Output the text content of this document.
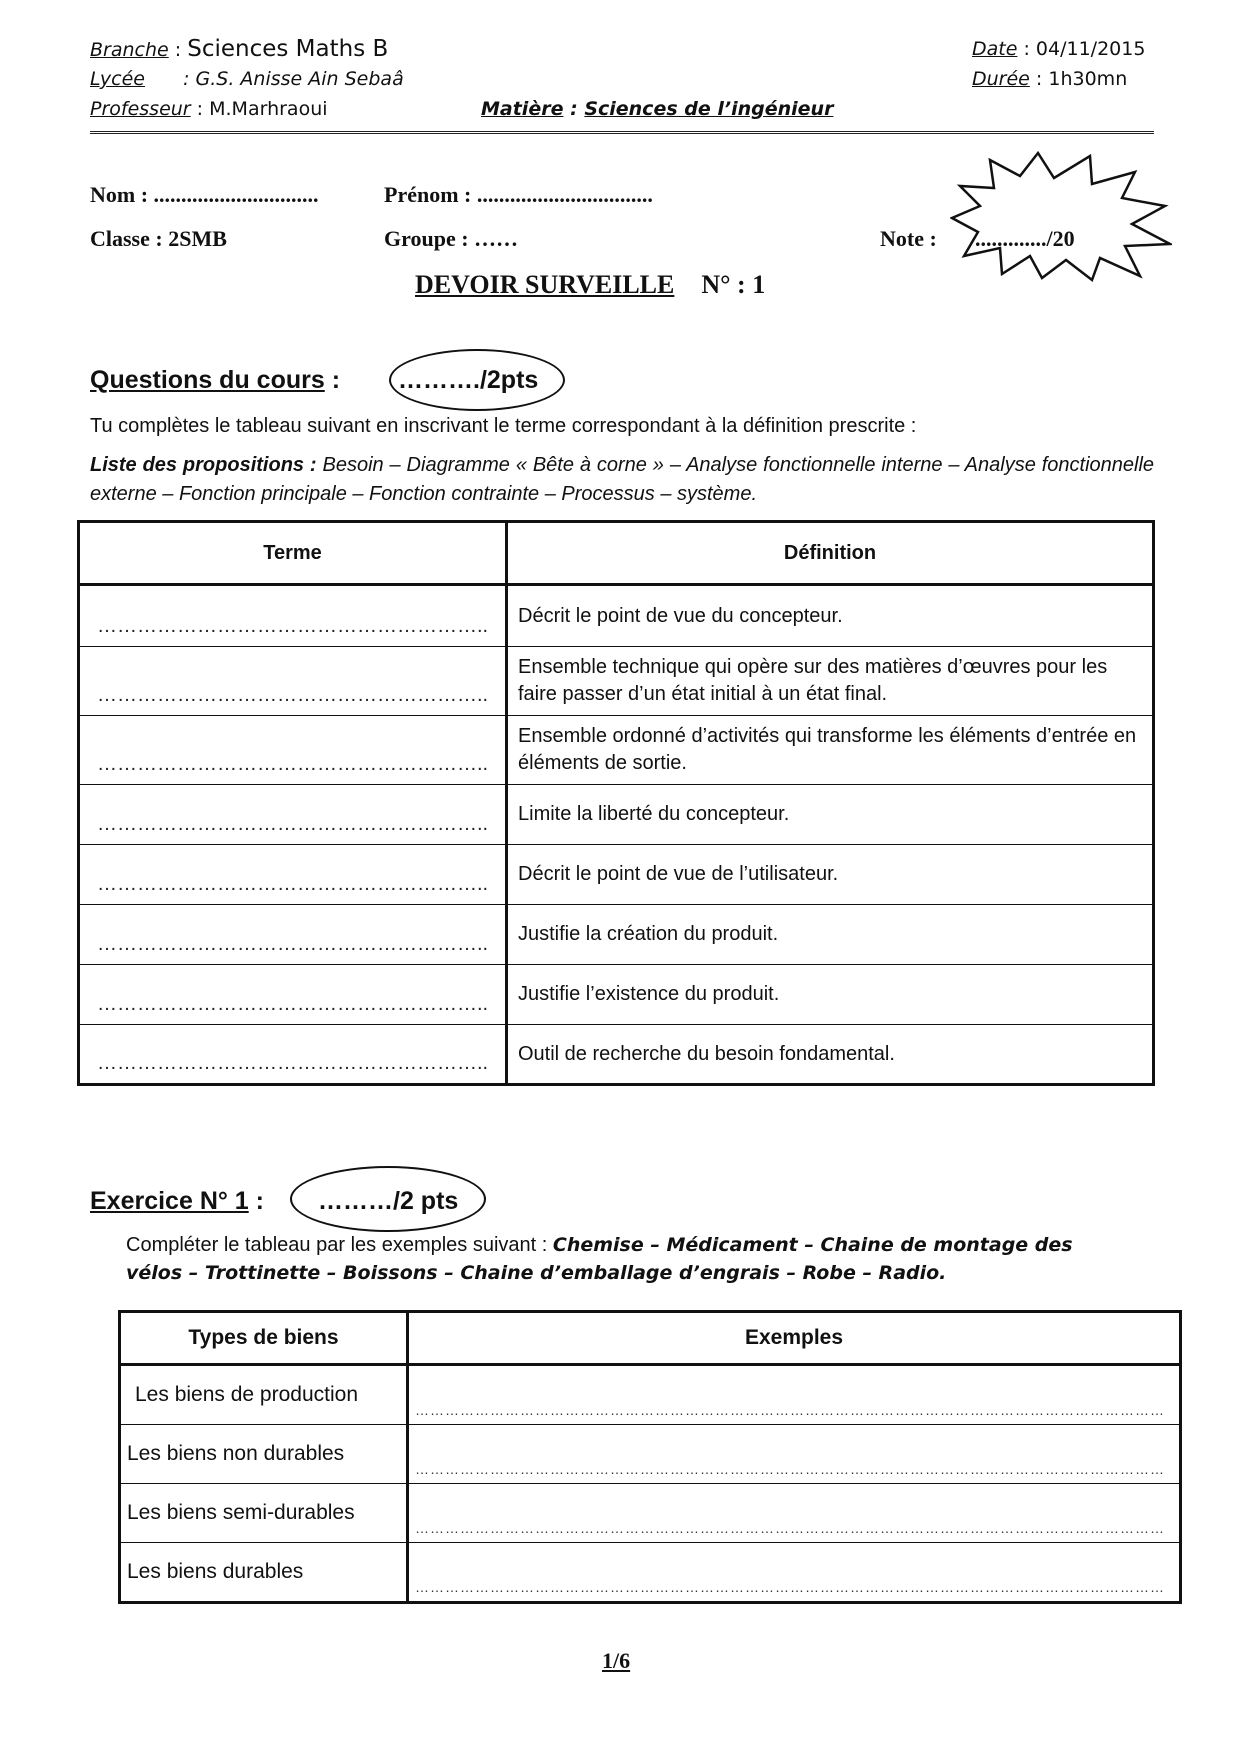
Branche : Sciences Maths B
Lycée : G.S. Anisse Ain Sebaâ
Professeur : M.Marhraoui	Matière : Sciences de l’ingénieur
Date : 04/11/2015
Durée : 1h30mn
Nom : ..............................	Prénom : ................................
Classe : 2SMB	Groupe : ……	Note : ............./20
DEVOIR SURVEILLE N° : 1
Questions du cours : ………./2pts
Tu complètes le tableau suivant en inscrivant le terme correspondant à la définition prescrite :
Liste des propositions : Besoin – Diagramme « Bête à corne » – Analyse fonctionnelle interne – Analyse fonctionnelle externe – Fonction principale – Fonction contrainte – Processus – système.
Terme	Définition
…………………………………………………..	Décrit le point de vue du concepteur.
…………………………………………………..	Ensemble technique qui opère sur des matières d’œuvres pour les faire passer d’un état initial à un état final.
…………………………………………………..	Ensemble ordonné d’activités qui transforme les éléments d’entrée en éléments de sortie.
…………………………………………………..	Limite la liberté du concepteur.
…………………………………………………..	Décrit le point de vue de l’utilisateur.
…………………………………………………..	Justifie la création du produit.
…………………………………………………..	Justifie l’existence du produit.
…………………………………………………..	Outil de recherche du besoin fondamental.
Exercice N° 1 : ………/2 pts
Compléter le tableau par les exemples suivant : Chemise – Médicament – Chaine de montage des
vélos – Trottinette – Boissons – Chaine d’emballage d’engrais – Robe – Radio.
Types de biens	Exemples
Les biens de production	……………………………………………………………………………………………………………………………………
Les biens non durables	……………………………………………………………………………………………………………………………………
Les biens semi-durables	……………………………………………………………………………………………………………………………………
Les biens durables	……………………………………………………………………………………………………………………………………
1/6
